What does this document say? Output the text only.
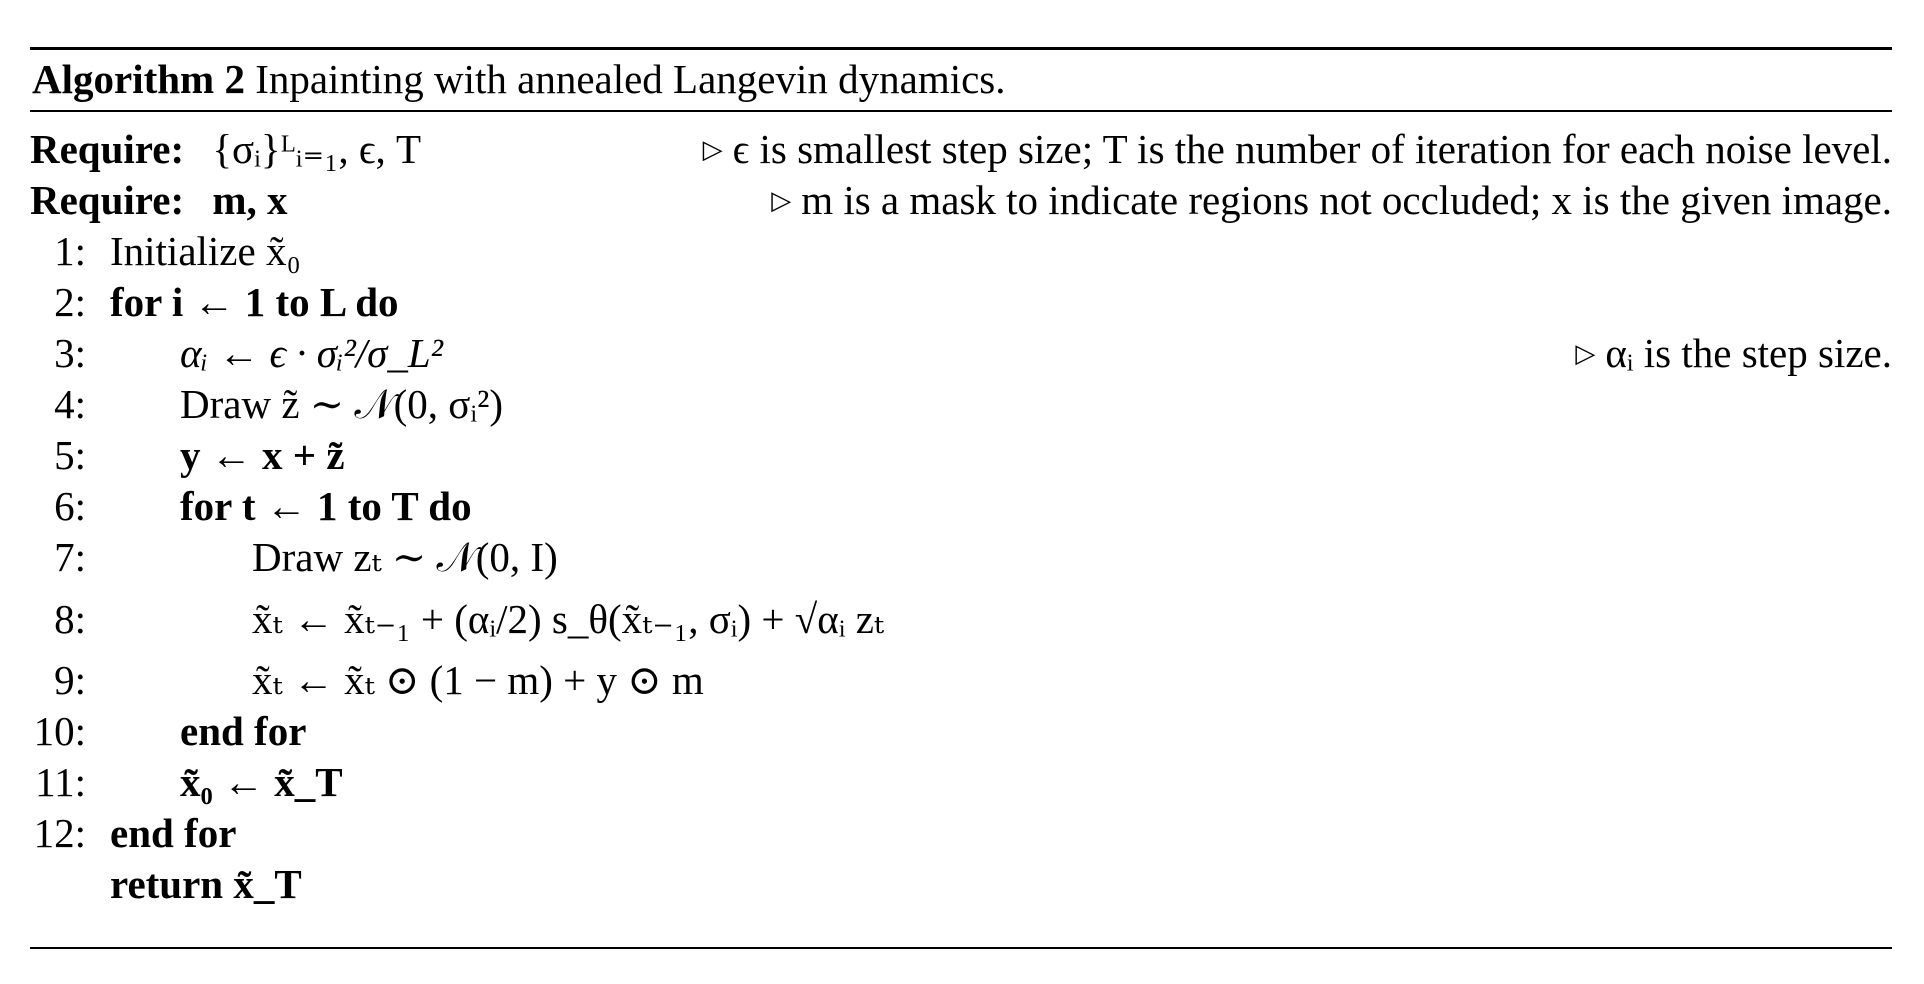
Algorithm 2 Inpainting with annealed Langevin dynamics.
Require: {σᵢ}ᴸᵢ₌₁, ϵ, T	▷ ϵ is smallest step size; T is the number of iteration for each noise level.
Require: m, x	▷ m is a mask to indicate regions not occluded; x is the given image.
1: Initialize x̃₀
2: for i ← 1 to L do
3: αᵢ ← ϵ · σᵢ²/σ_L²	▷ αᵢ is the step size.
4: Draw z̃ ∼ 𝒩(0, σᵢ²)
5: y ← x + z̃
6: for t ← 1 to T do
7:	Draw zₜ ∼ 𝒩(0, I)
8:	x̃ₜ ← x̃ₜ₋₁ + (αᵢ/2) s_θ(x̃ₜ₋₁, σᵢ) + √αᵢ zₜ
9:	x̃ₜ ← x̃ₜ ⊙ (1 − m) + y ⊙ m
10: end for
11: x̃₀ ← x̃_T
12: end for
return x̃_T
